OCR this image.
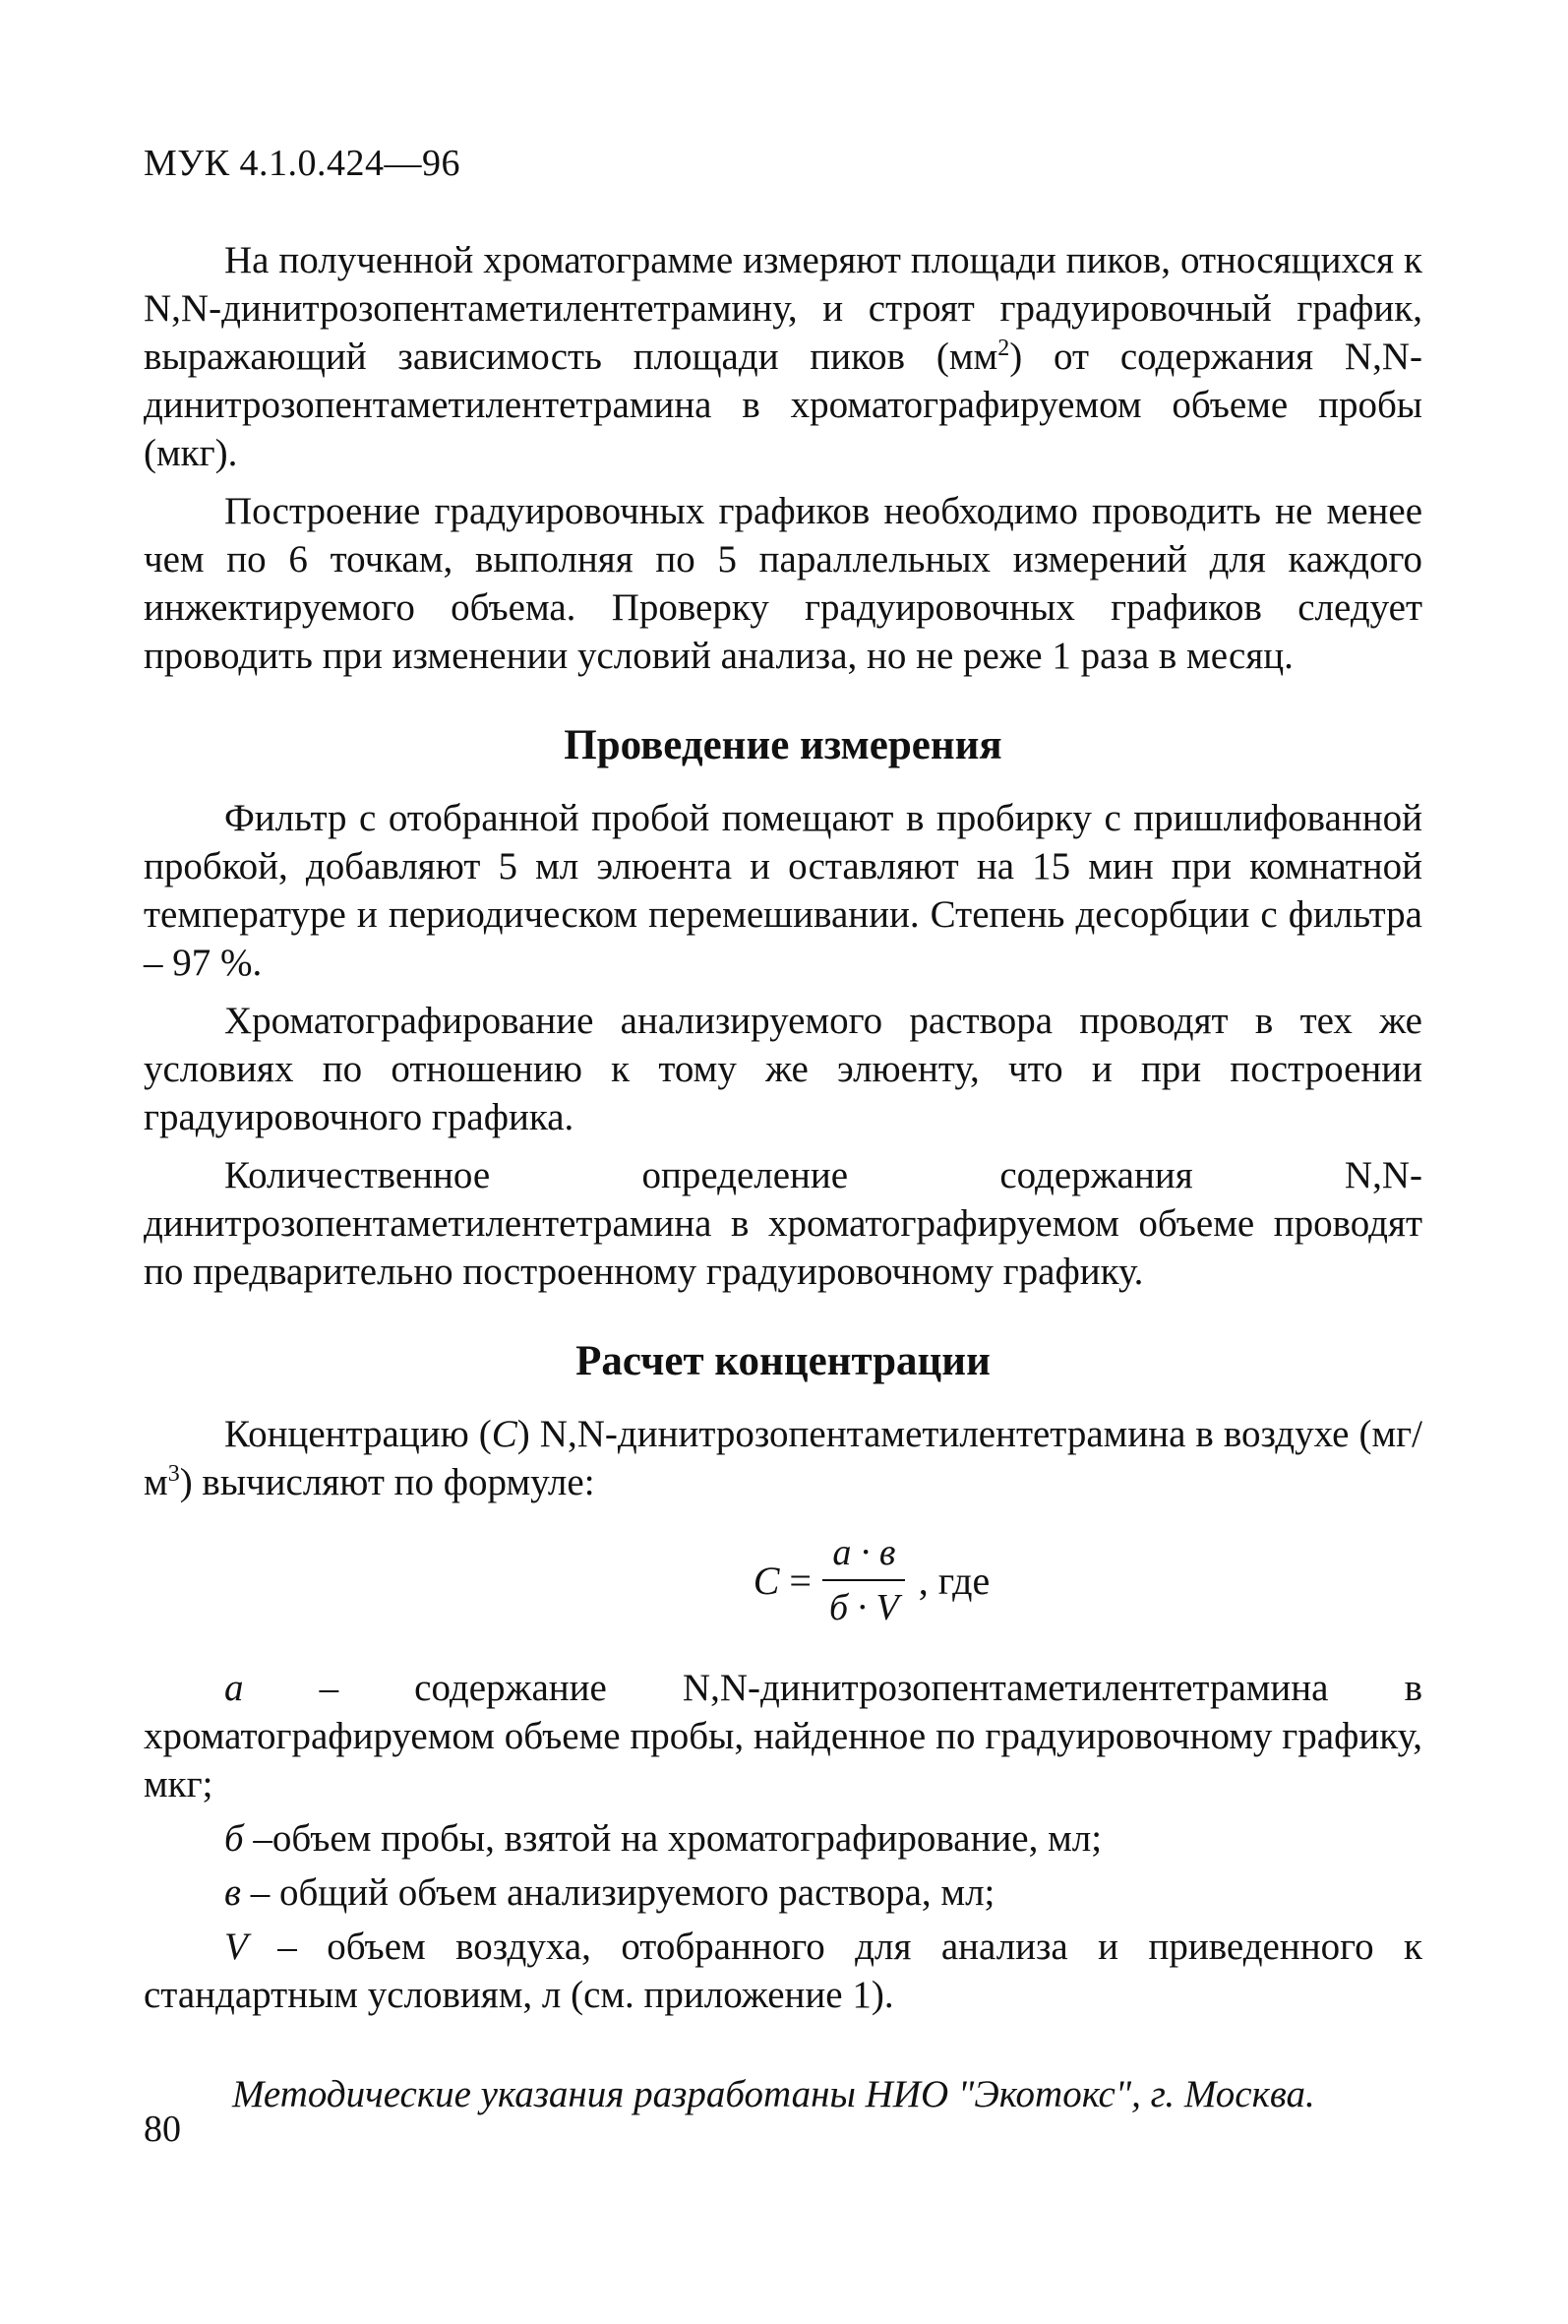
МУК 4.1.0.424—96

На полученной хроматограмме измеряют площади пиков, относящихся к N,N-динитрозопентаметилентетрамину, и строят градуировочный график, выражающий зависимость площади пиков $(мм^2)$ от содержания N,N-динитрозопентаметилентетрамина в хроматографируемом объеме пробы (мкг).

Построение градуировочных графиков необходимо проводить не менее чем по 6 точкам, выполняя по 5 параллельных измерений для каждого инжектируемого объема. Проверку градуировочных графиков следует проводить при изменении условий анализа, но не реже 1 раза в месяц.

Проведение измерения

Фильтр с отобранной пробой помещают в пробирку с пришлифованной пробкой, добавляют 5 мл элюента и оставляют на 15 мин при комнатной температуре и периодическом перемешивании. Степень десорбции с фильтра – 97 %.

Хроматографирование анализируемого раствора проводят в тех же условиях по отношению к тому же элюенту, что и при построении градуировочного графика.

Количественное определение содержания N,N-динитрозопентаметилентетрамина в хроматографируемом объеме проводят по предварительно построенному градуировочному графику.

Расчет концентрации

Концентрацию (С) N,N-динитрозопентаметилентетрамина в воздухе $(мг/м^3)$ вычисляют по формуле:

$С = \frac{а \cdot в}{б \cdot V}$ , где

а – содержание N,N-динитрозопентаметилентетрамина в хроматографируемом объеме пробы, найденное по градуировочному графику, мкг;

б –объем пробы, взятой на хроматографирование, мл;

в – общий объем анализируемого раствора, мл;

V – объем воздуха, отобранного для анализа и приведенного к стандартным условиям, л (см. приложение 1).

Методические указания разработаны НИО "Экотокс", г. Москва.

80
